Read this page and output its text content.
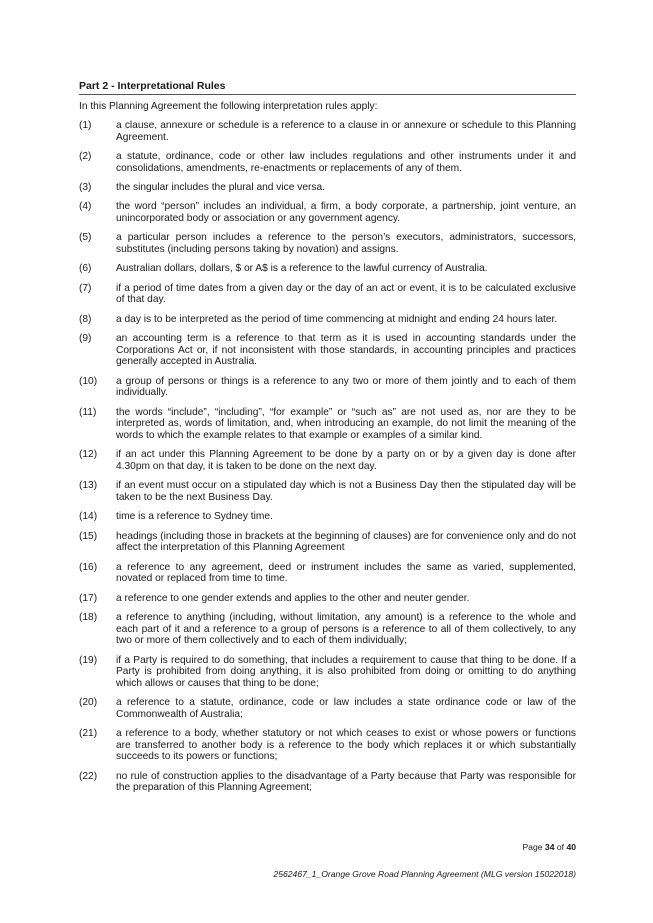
Part 2 - Interpretational Rules
In this Planning Agreement the following interpretation rules apply:
(1)	a clause, annexure or schedule is a reference to a clause in or annexure or schedule to this Planning Agreement.
(2)	a statute, ordinance, code or other law includes regulations and other instruments under it and consolidations, amendments, re-enactments or replacements of any of them.
(3)	the singular includes the plural and vice versa.
(4)	the word “person” includes an individual, a firm, a body corporate, a partnership, joint venture, an unincorporated body or association or any government agency.
(5)	a particular person includes a reference to the person’s executors, administrators, successors, substitutes (including persons taking by novation) and assigns.
(6)	Australian dollars, dollars, $ or A$ is a reference to the lawful currency of Australia.
(7)	if a period of time dates from a given day or the day of an act or event, it is to be calculated exclusive of that day.
(8)	a day is to be interpreted as the period of time commencing at midnight and ending 24 hours later.
(9)	an accounting term is a reference to that term as it is used in accounting standards under the Corporations Act or, if not inconsistent with those standards, in accounting principles and practices generally accepted in Australia.
(10)	a group of persons or things is a reference to any two or more of them jointly and to each of them individually.
(11)	the words “include”, “including”, “for example” or “such as” are not used as, nor are they to be interpreted as, words of limitation, and, when introducing an example, do not limit the meaning of the words to which the example relates to that example or examples of a similar kind.
(12)	if an act under this Planning Agreement to be done by a party on or by a given day is done after 4.30pm on that day, it is taken to be done on the next day.
(13)	if an event must occur on a stipulated day which is not a Business Day then the stipulated day will be taken to be the next Business Day.
(14)	time is a reference to Sydney time.
(15)	headings (including those in brackets at the beginning of clauses) are for convenience only and do not affect the interpretation of this Planning Agreement
(16)	a reference to any agreement, deed or instrument includes the same as varied, supplemented, novated or replaced from time to time.
(17)	a reference to one gender extends and applies to the other and neuter gender.
(18)	a reference to anything (including, without limitation, any amount) is a reference to the whole and each part of it and a reference to a group of persons is a reference to all of them collectively, to any two or more of them collectively and to each of them individually;
(19)	if a Party is required to do something, that includes a requirement to cause that thing to be done. If a Party is prohibited from doing anything, it is also prohibited from doing or omitting to do anything which allows or causes that thing to be done;
(20)	a reference to a statute, ordinance, code or law includes a state ordinance code or law of the Commonwealth of Australia;
(21)	a reference to a body, whether statutory or not which ceases to exist or whose powers or functions are transferred to another body is a reference to the body which replaces it or which substantially succeeds to its powers or functions;
(22)	no rule of construction applies to the disadvantage of a Party because that Party was responsible for the preparation of this Planning Agreement;
Page 34 of 40
2562467_1_Orange Grove Road Planning Agreement (MLG version 15022018)
